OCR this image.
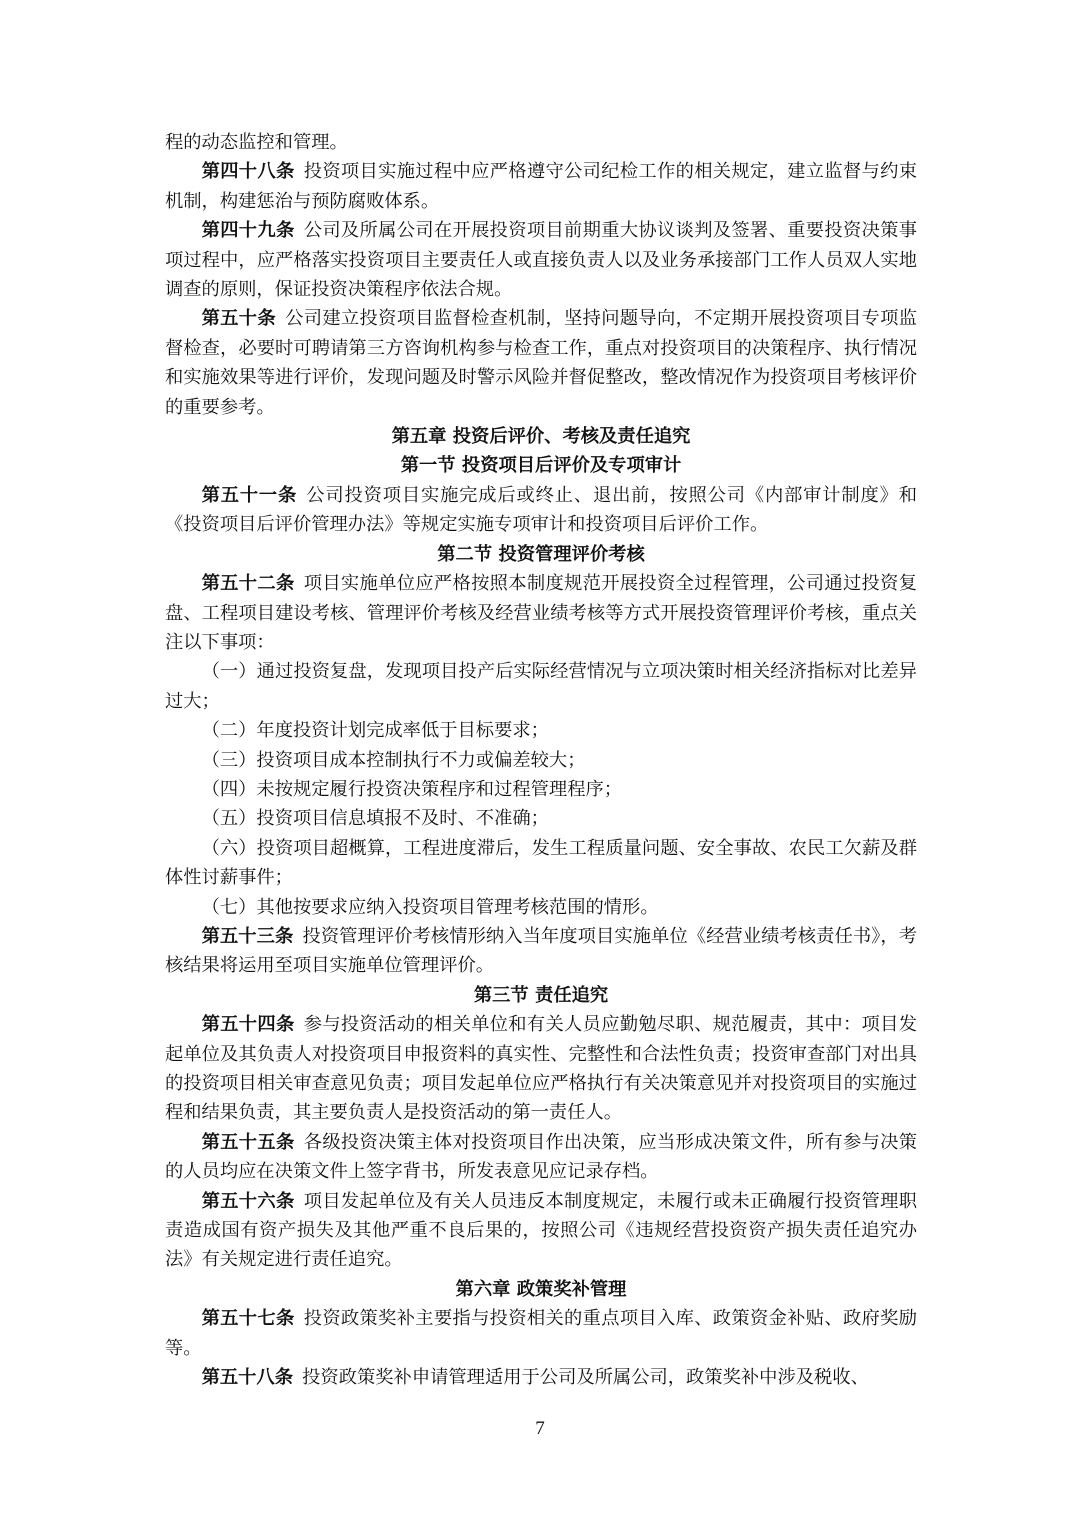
程的动态监控和管理。

第四十八条 投资项目实施过程中应严格遵守公司纪检工作的相关规定，建立监督与约束机制，构建惩治与预防腐败体系。

第四十九条 公司及所属公司在开展投资项目前期重大协议谈判及签署、重要投资决策事项过程中，应严格落实投资项目主要责任人或直接负责人以及业务承接部门工作人员双人实地调查的原则，保证投资决策程序依法合规。

第五十条 公司建立投资项目监督检查机制，坚持问题导向，不定期开展投资项目专项监督检查，必要时可聘请第三方咨询机构参与检查工作，重点对投资项目的决策程序、执行情况和实施效果等进行评价，发现问题及时警示风险并督促整改，整改情况作为投资项目考核评价的重要参考。

第五章 投资后评价、考核及责任追究

第一节 投资项目后评价及专项审计

第五十一条 公司投资项目实施完成后或终止、退出前，按照公司《内部审计制度》和《投资项目后评价管理办法》等规定实施专项审计和投资项目后评价工作。

第二节 投资管理评价考核

第五十二条 项目实施单位应严格按照本制度规范开展投资全过程管理，公司通过投资复盘、工程项目建设考核、管理评价考核及经营业绩考核等方式开展投资管理评价考核，重点关注以下事项：

（一）通过投资复盘，发现项目投产后实际经营情况与立项决策时相关经济指标对比差异过大；

（二）年度投资计划完成率低于目标要求；

（三）投资项目成本控制执行不力或偏差较大；

（四）未按规定履行投资决策程序和过程管理程序；

（五）投资项目信息填报不及时、不准确；

（六）投资项目超概算，工程进度滞后，发生工程质量问题、安全事故、农民工欠薪及群体性讨薪事件；

（七）其他按要求应纳入投资项目管理考核范围的情形。

第五十三条 投资管理评价考核情形纳入当年度项目实施单位《经营业绩考核责任书》，考核结果将运用至项目实施单位管理评价。

第三节 责任追究

第五十四条 参与投资活动的相关单位和有关人员应勤勉尽职、规范履责，其中：项目发起单位及其负责人对投资项目申报资料的真实性、完整性和合法性负责；投资审查部门对出具的投资项目相关审查意见负责；项目发起单位应严格执行有关决策意见并对投资项目的实施过程和结果负责，其主要负责人是投资活动的第一责任人。

第五十五条 各级投资决策主体对投资项目作出决策，应当形成决策文件，所有参与决策的人员均应在决策文件上签字背书，所发表意见应记录存档。

第五十六条 项目发起单位及有关人员违反本制度规定，未履行或未正确履行投资管理职责造成国有资产损失及其他严重不良后果的，按照公司《违规经营投资资产损失责任追究办法》有关规定进行责任追究。

第六章 政策奖补管理

第五十七条 投资政策奖补主要指与投资相关的重点项目入库、政策资金补贴、政府奖励等。

第五十八条 投资政策奖补申请管理适用于公司及所属公司，政策奖补中涉及税收、

7
